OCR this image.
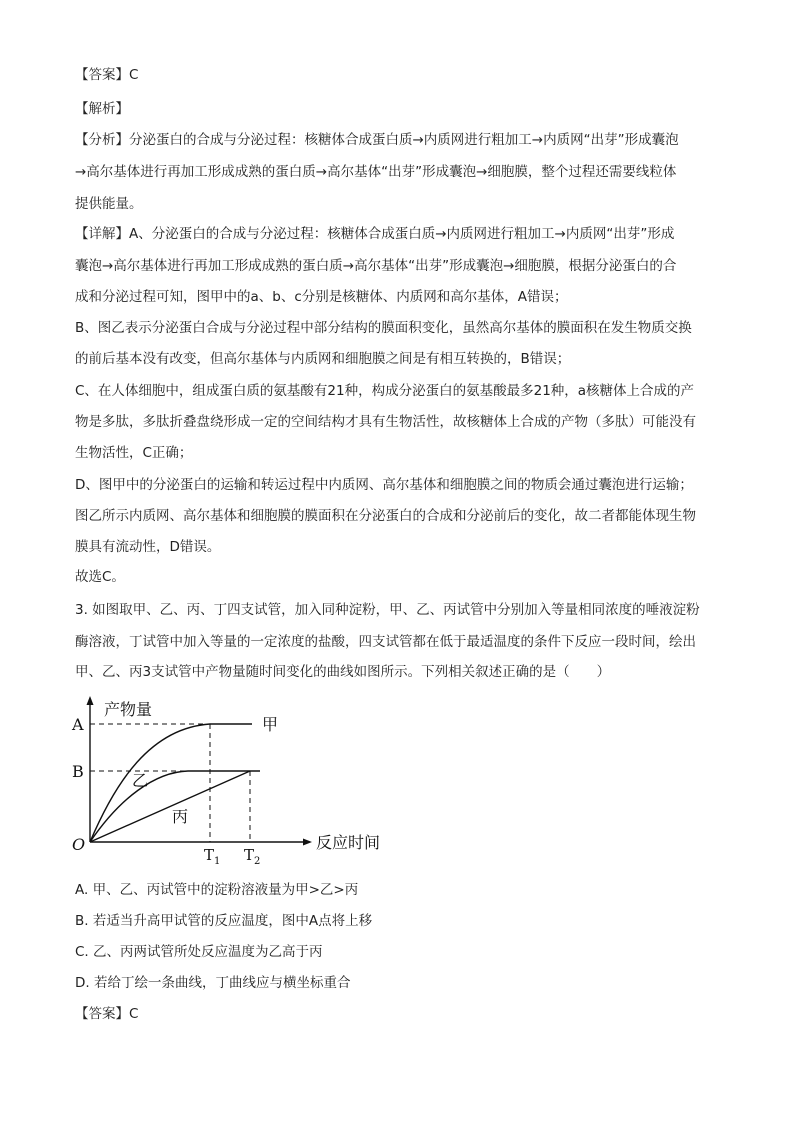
【答案】C

【解析】

【分析】分泌蛋白的合成与分泌过程：核糖体合成蛋白质→内质网进行粗加工→内质网“出芽”形成囊泡

→高尔基体进行再加工形成成熟的蛋白质→高尔基体“出芽”形成囊泡→细胞膜，整个过程还需要线粒体

提供能量。

【详解】A、分泌蛋白的合成与分泌过程：核糖体合成蛋白质→内质网进行粗加工→内质网“出芽”形成

囊泡→高尔基体进行再加工形成成熟的蛋白质→高尔基体“出芽”形成囊泡→细胞膜，根据分泌蛋白的合

成和分泌过程可知，图甲中的a、b、c分别是核糖体、内质网和高尔基体，A错误；

B、图乙表示分泌蛋白合成与分泌过程中部分结构的膜面积变化，虽然高尔基体的膜面积在发生物质交换

的前后基本没有改变，但高尔基体与内质网和细胞膜之间是有相互转换的，B错误；

C、在人体细胞中，组成蛋白质的氨基酸有21种，构成分泌蛋白的氨基酸最多21种，a核糖体上合成的产

物是多肽，多肽折叠盘绕形成一定的空间结构才具有生物活性，故核糖体上合成的产物（多肽）可能没有

生物活性，C正确；

D、图甲中的分泌蛋白的运输和转运过程中内质网、高尔基体和细胞膜之间的物质会通过囊泡进行运输；

图乙所示内质网、高尔基体和细胞膜的膜面积在分泌蛋白的合成和分泌前后的变化，故二者都能体现生物

膜具有流动性，D错误。

故选C。

3. 如图取甲、乙、丙、丁四支试管，加入同种淀粉，甲、乙、丙试管中分别加入等量相同浓度的唾液淀粉

酶溶液，丁试管中加入等量的一定浓度的盐酸，四支试管都在低于最适温度的条件下反应一段时间，绘出

甲、乙、丙3支试管中产物量随时间变化的曲线如图所示。下列相关叙述正确的是（　　）

产物量
反应时间
O
A
B
甲
乙
丙
$T_1$ $T_2$

A. 甲、乙、丙试管中的淀粉溶液量为甲>乙>丙

B. 若适当升高甲试管的反应温度，图中A点将上移

C. 乙、丙两试管所处反应温度为乙高于丙

D. 若给丁绘一条曲线，丁曲线应与横坐标重合

【答案】C
